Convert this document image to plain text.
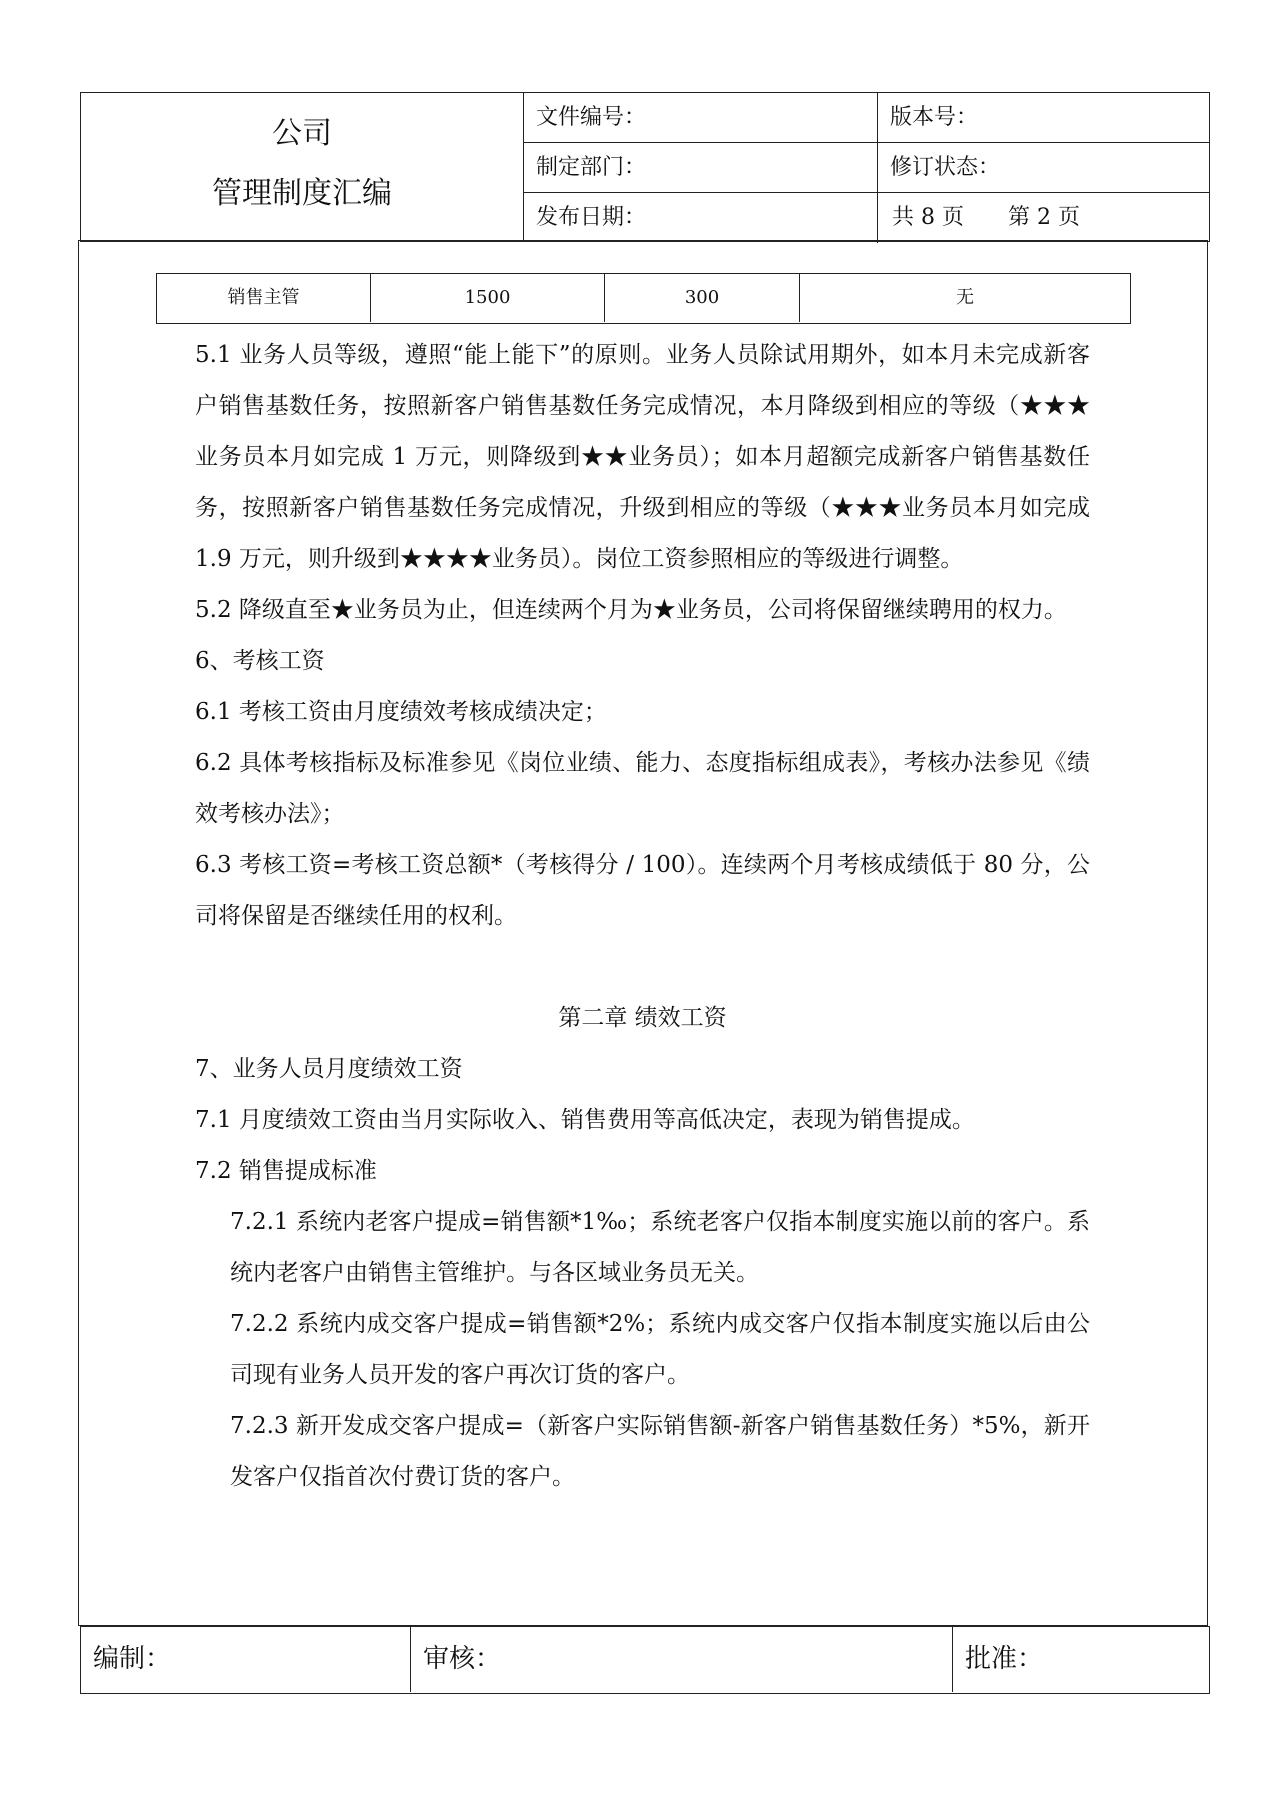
公司
管理制度汇编
文件编号：	版本号：
制定部门：	修订状态：
发布日期：	共 8 页 第 2 页
销售主管	1500	300	无

5.1 业务人员等级，遵照“能上能下”的原则。业务人员除试用期外，如本月未完成新客户销售基数任务，按照新客户销售基数任务完成情况，本月降级到相应的等级（★★★业务员本月如完成 1 万元，则降级到★★业务员）；如本月超额完成新客户销售基数任务，按照新客户销售基数任务完成情况，升级到相应的等级（★★★业务员本月如完成 1.9 万元，则升级到★★★★业务员）。岗位工资参照相应的等级进行调整。

5.2 降级直至★业务员为止，但连续两个月为★业务员，公司将保留继续聘用的权力。

6、考核工资

6.1 考核工资由月度绩效考核成绩决定；

6.2 具体考核指标及标准参见《岗位业绩、能力、态度指标组成表》，考核办法参见《绩效考核办法》；

6.3 考核工资=考核工资总额*（考核得分 / 100）。连续两个月考核成绩低于 80 分，公司将保留是否继续任用的权利。

第二章 绩效工资

7、业务人员月度绩效工资

7.1 月度绩效工资由当月实际收入、销售费用等高低决定，表现为销售提成。

7.2 销售提成标准

7.2.1 系统内老客户提成=销售额*1‰；系统老客户仅指本制度实施以前的客户。系统内老客户由销售主管维护。与各区域业务员无关。

7.2.2 系统内成交客户提成=销售额*2%；系统内成交客户仅指本制度实施以后由公司现有业务人员开发的客户再次订货的客户。

7.2.3 新开发成交客户提成=（新客户实际销售额-新客户销售基数任务）*5%，新开发客户仅指首次付费订货的客户。

编制：	审核：	批准：
